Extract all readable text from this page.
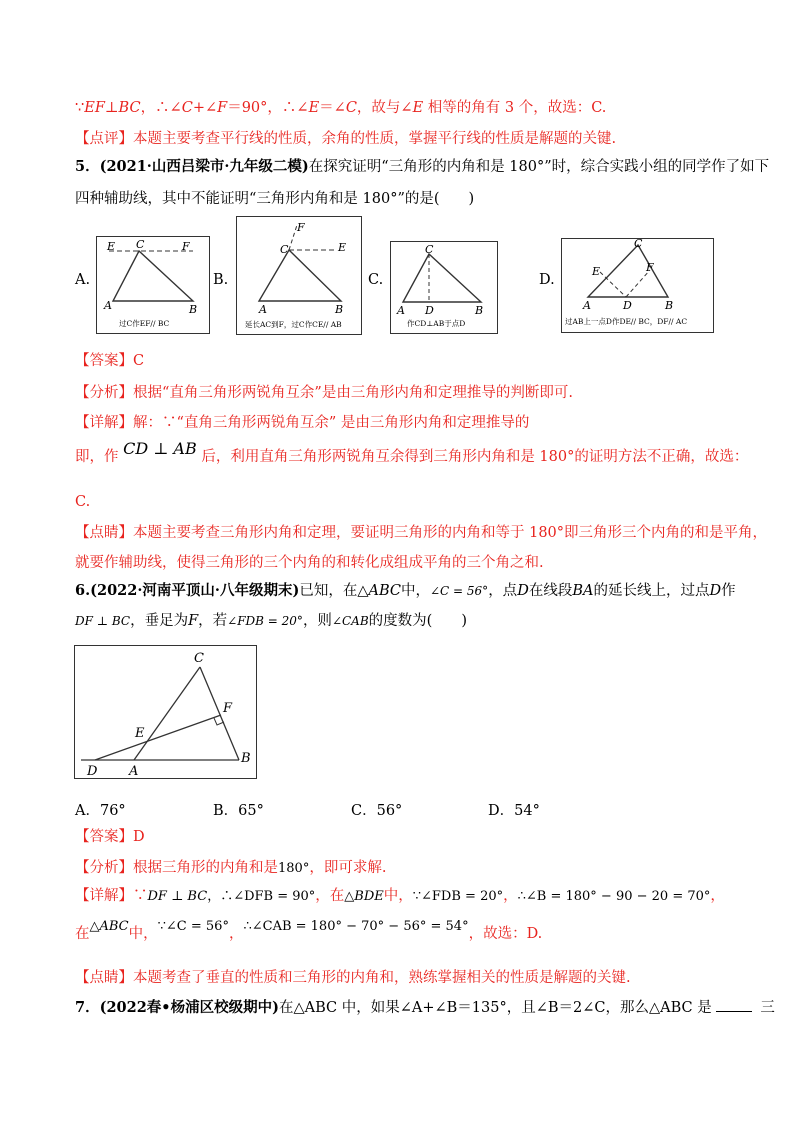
∵EF⊥BC，∴∠C+∠F＝90°，∴∠E＝∠C，故与∠E 相等的角有 3 个，故选：C.
【点评】本题主要考查平行线的性质，余角的性质，掌握平行线的性质是解题的关键.
5．(2021·山西吕梁市·九年级二模)在探究证明“三角形的内角和是 180°”时，综合实践小组的同学作了如下
四种辅助线，其中不能证明“三角形内角和是 180°”的是(　　)
A.
E C	F
A	B
过C作EF// BC
B.
F
C	E
A	B
延长AC到F，过C作CE// AB
C.
C
A D	B
作CD⊥AB于点D
D.
C
E	F
A	D	B
过AB上一点D作DE// BC，DF// AC
【答案】C
【分析】根据“直角三角形两锐角互余”是由三角形内角和定理推导的判断即可.
【详解】解：∵“直角三角形两锐角互余” 是由三角形内角和定理推导的
即，作 CD ⊥ AB 后，利用直角三角形两锐角互余得到三角形内角和是 180°的证明方法不正确，故选：
C.
【点睛】本题主要考查三角形内角和定理，要证明三角形的内角和等于 180°即三角形三个内角的和是平角，
就要作辅助线，使得三角形的三个内角的和转化成组成平角的三个角之和.
6.(2022·河南平顶山·八年级期末)已知，在△ABC中，∠C = 56°，点D在线段BA的延长线上，过点D作
DF ⊥ BC，垂足为F，若∠FDB = 20°，则∠CAB的度数为(　　)
C
F
E
B
D A
A．76°	B．65°	C．56°	D．54°
【答案】D
【分析】根据三角形的内角和是180°，即可求解.
【详解】∵DF ⊥ BC，∴∠DFB = 90°，在△BDE中，∵∠FDB = 20°，∴∠B = 180° − 90 − 20 = 70°，
在△ABC中，∵∠C = 56°，∴∠CAB = 180° − 70° − 56° = 54°，故选：D.
【点睛】本题考查了垂直的性质和三角形的内角和，熟练掌握相关的性质是解题的关键.
7．(2022春•杨浦区校级期中)在△ABC 中，如果∠A+∠B＝135°，且∠B＝2∠C，那么△ABC 是	三
